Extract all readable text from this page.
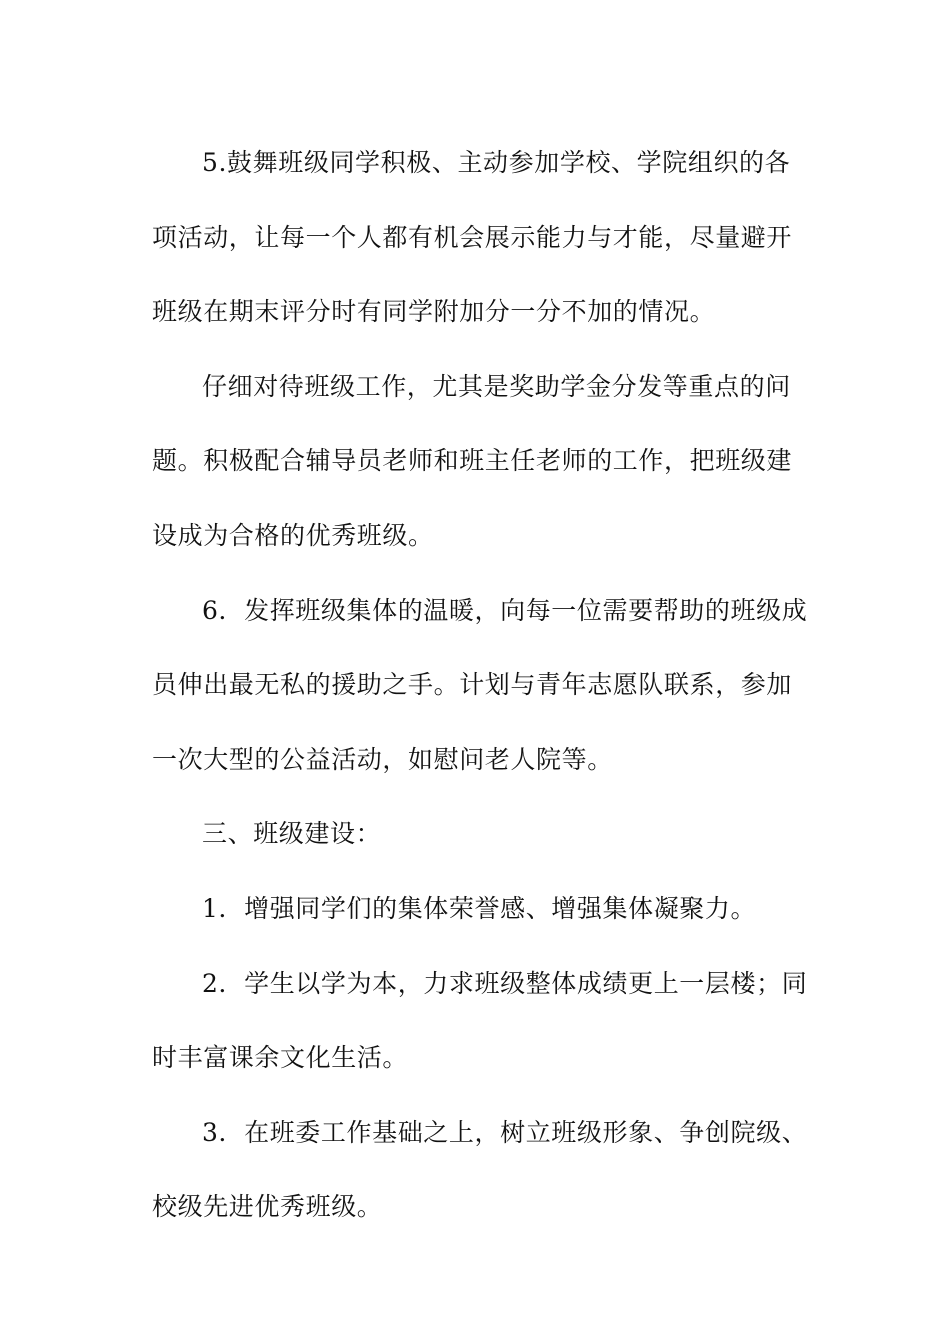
5.鼓舞班级同学积极、主动参加学校、学院组织的各
项活动，让每一个人都有机会展示能力与才能，尽量避开
班级在期末评分时有同学附加分一分不加的情况。
仔细对待班级工作，尤其是奖助学金分发等重点的问
题。积极配合辅导员老师和班主任老师的工作，把班级建
设成为合格的优秀班级。
6．发挥班级集体的温暖，向每一位需要帮助的班级成
员伸出最无私的援助之手。计划与青年志愿队联系，参加
一次大型的公益活动，如慰问老人院等。
三、班级建设：
1．增强同学们的集体荣誉感、增强集体凝聚力。
2．学生以学为本，力求班级整体成绩更上一层楼；同
时丰富课余文化生活。
3．在班委工作基础之上，树立班级形象、争创院级、
校级先进优秀班级。
